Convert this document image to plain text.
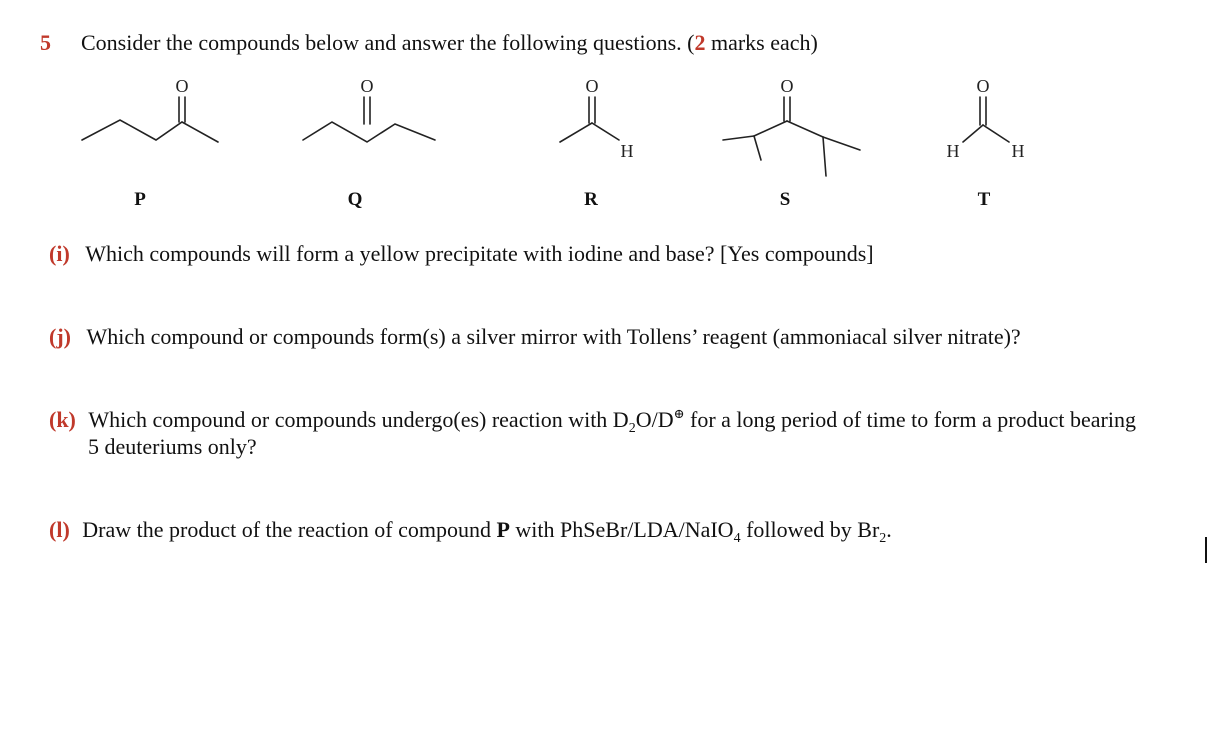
5 Consider the compounds below and answer the following questions. (2 marks each)
O	O	O
H
O	O
H	H
P	Q	R	S	T
(i) Which compounds will form a yellow precipitate with iodine and base? [Yes compounds]
(j) Which compound or compounds form(s) a silver mirror with Tollens’ reagent (ammoniacal silver nitrate)?
(k) Which compound or compounds undergo(es) reaction with $D_2O/D^\oplus$ for a long period of time to form a product bearing
5 deuteriums only?
(l) Draw the product of the reaction of compound P with PhSeBr/LDA/NaIO$_4$ followed by $Br_2$.
